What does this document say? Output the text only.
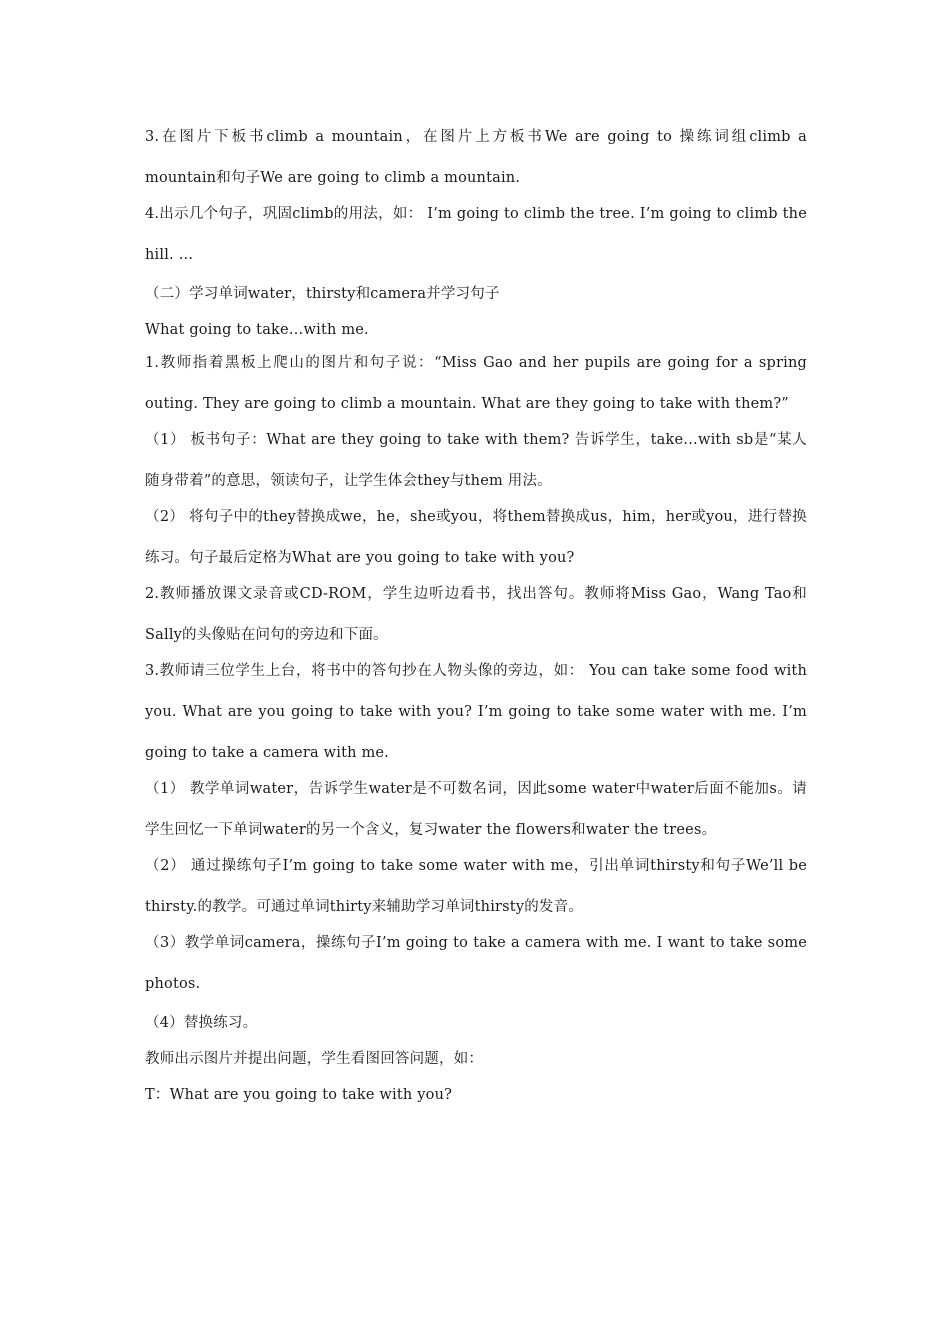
3.在图片下板书climb a mountain，在图片上方板书We are going to 操练词组climb a mountain和句子We are going to climb a mountain.

4.出示几个句子，巩固climb的用法，如： I’m going to climb the tree. I’m going to climb the hill. …

（二）学习单词water，thirsty和camera并学习句子

What going to take…with me.

1.教师指着黑板上爬山的图片和句子说：“Miss Gao and her pupils are going for a spring outing. They are going to climb a mountain. What are they going to take with them?”

（1） 板书句子：What are they going to take with them? 告诉学生，take…with sb是“某人随身带着”的意思，领读句子，让学生体会they与them 用法。

（2） 将句子中的they替换成we，he，she或you，将them替换成us，him，her或you，进行替换练习。句子最后定格为What are you going to take with you?

2.教师播放课文录音或CD-ROM，学生边听边看书，找出答句。教师将Miss Gao，Wang Tao和Sally的头像贴在问句的旁边和下面。

3.教师请三位学生上台，将书中的答句抄在人物头像的旁边，如： You can take some food with you. What are you going to take with you? I’m going to take some water with me. I’m going to take a camera with me.

（1） 教学单词water，告诉学生water是不可数名词，因此some water中water后面不能加s。请学生回忆一下单词water的另一个含义，复习water the flowers和water the trees。

（2） 通过操练句子I’m going to take some water with me，引出单词thirsty和句子We’ll be thirsty.的教学。可通过单词thirty来辅助学习单词thirsty的发音。

（3）教学单词camera，操练句子I’m going to take a camera with me. I want to take some photos.

（4）替换练习。

教师出示图片并提出问题，学生看图回答问题，如：

T：What are you going to take with you?
